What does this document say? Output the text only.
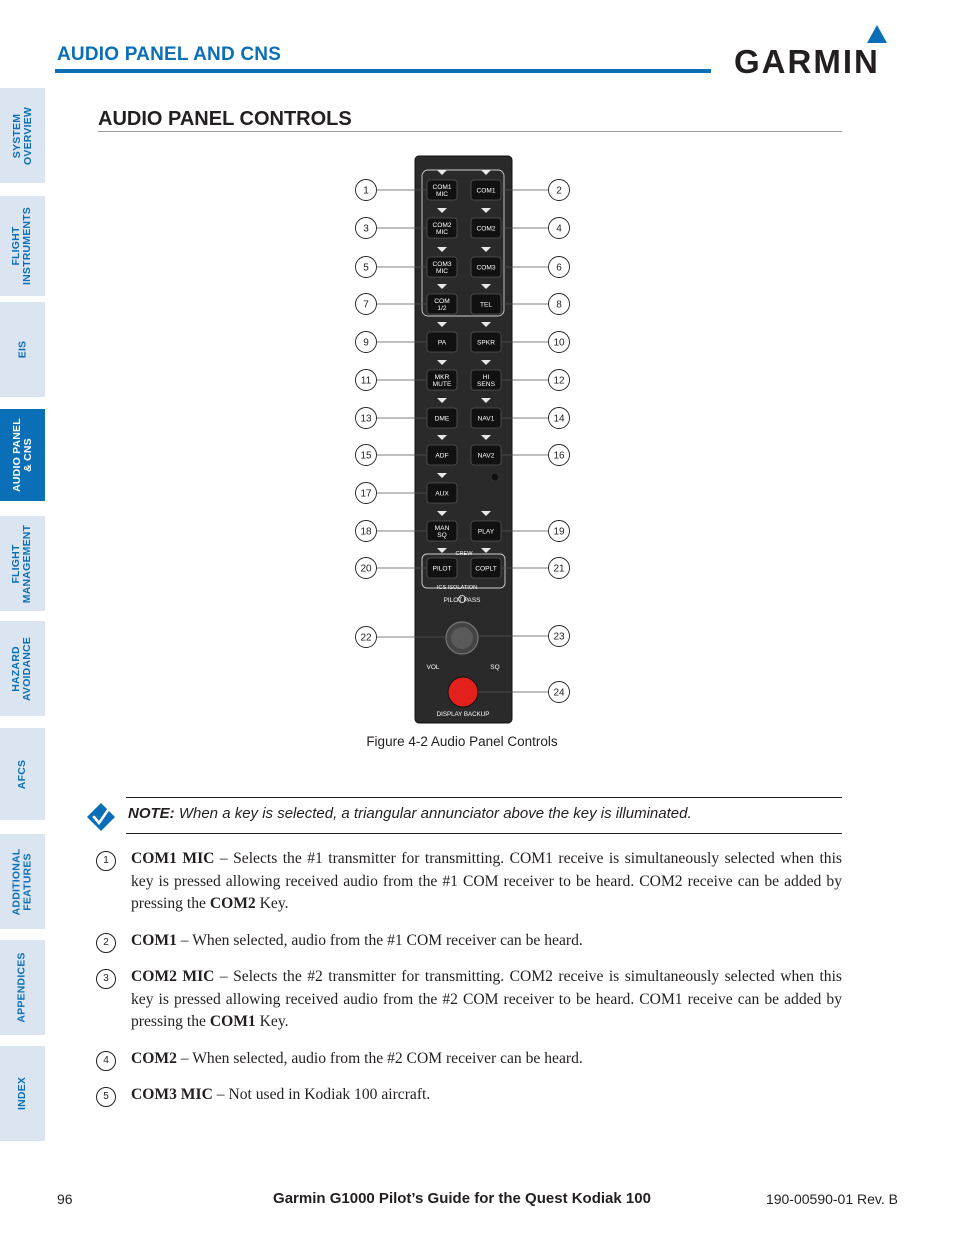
SYSTEM
OVERVIEW
FLIGHT
INSTRUMENTS
EIS
AUDIO PANEL
& CNS
FLIGHT
MANAGEMENT
HAZARD
AVOIDANCE
AFCS
ADDITIONAL
FEATURES
APPENDICES
INDEX
AUDIO PANEL AND CNS	GARMIN
AUDIO PANEL CONTROLS
COM1 MIC
1	COM1	2
COM2 MIC
3	COM2	4
COM3 MIC
5	COM3	6
COM 1/2
7	TEL	8
PA
9	SPKR	10
MKR MUTE
11	HI SENS	12
DME
13	NAV1	14
ADF
15	NAV2	16
AUX
17
MAN SQ
18	PLAY	19
PILOT
20	COPLT	21
CREW
ICS ISOLATION
PILOT PASS
VOL	SQ
22	23
24
DISPLAY BACKUP
Figure 4-2 Audio Panel Controls
NOTE: When a key is selected, a triangular annunciator above the key is illuminated.
1	COM1 MIC – Selects the #1 transmitter for transmitting. COM1 receive is simultaneously selected when this key is pressed allowing received audio from the #1 COM receiver to be heard. COM2 receive can be added by pressing the COM2 Key.
2	COM1 – When selected, audio from the #1 COM receiver can be heard.
3	COM2 MIC – Selects the #2 transmitter for transmitting. COM2 receive is simultaneously selected when this key is pressed allowing received audio from the #2 COM receiver to be heard. COM1 receive can be added by pressing the COM1 Key.
4	COM2 – When selected, audio from the #2 COM receiver can be heard.
5	COM3 MIC – Not used in Kodiak 100 aircraft.
96	Garmin G1000 Pilot’s Guide for the Quest Kodiak 100	190-00590-01 Rev. B
